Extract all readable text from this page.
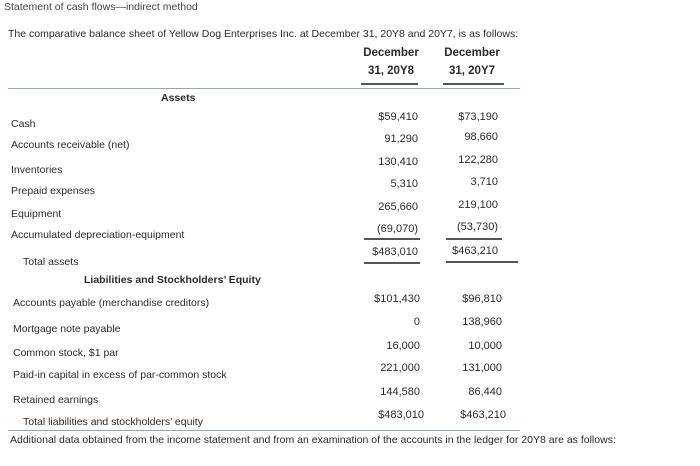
Statement of cash flows—indirect method
The comparative balance sheet of Yellow Dog Enterprises Inc. at December 31, 20Y8 and 20Y7, is as follows:
December
31, 20Y8
December
31, 20Y7
Assets
Cash
Accounts receivable (net)
Inventories
Prepaid expenses
Equipment
Accumulated depreciation-equipment
Total assets
$59,410
91,290
130,410
5,310
265,660
(69,070)
$483,010
$73,190
98,660
122,280
3,710
219,100
(53,730)
$463,210
Liabilities and Stockholders’ Equity
Accounts payable (merchandise creditors)
Mortgage note payable
Common stock, $1 par
Paid-in capital in excess of par-common stock
Retained earnings
Total liabilities and stockholders’ equity
$101,430
0
16,000
221,000
144,580
$483,010
$96,810
138,960
10,000
131,000
86,440
$463,210
Additional data obtained from the income statement and from an examination of the accounts in the ledger for 20Y8 are as follows:
